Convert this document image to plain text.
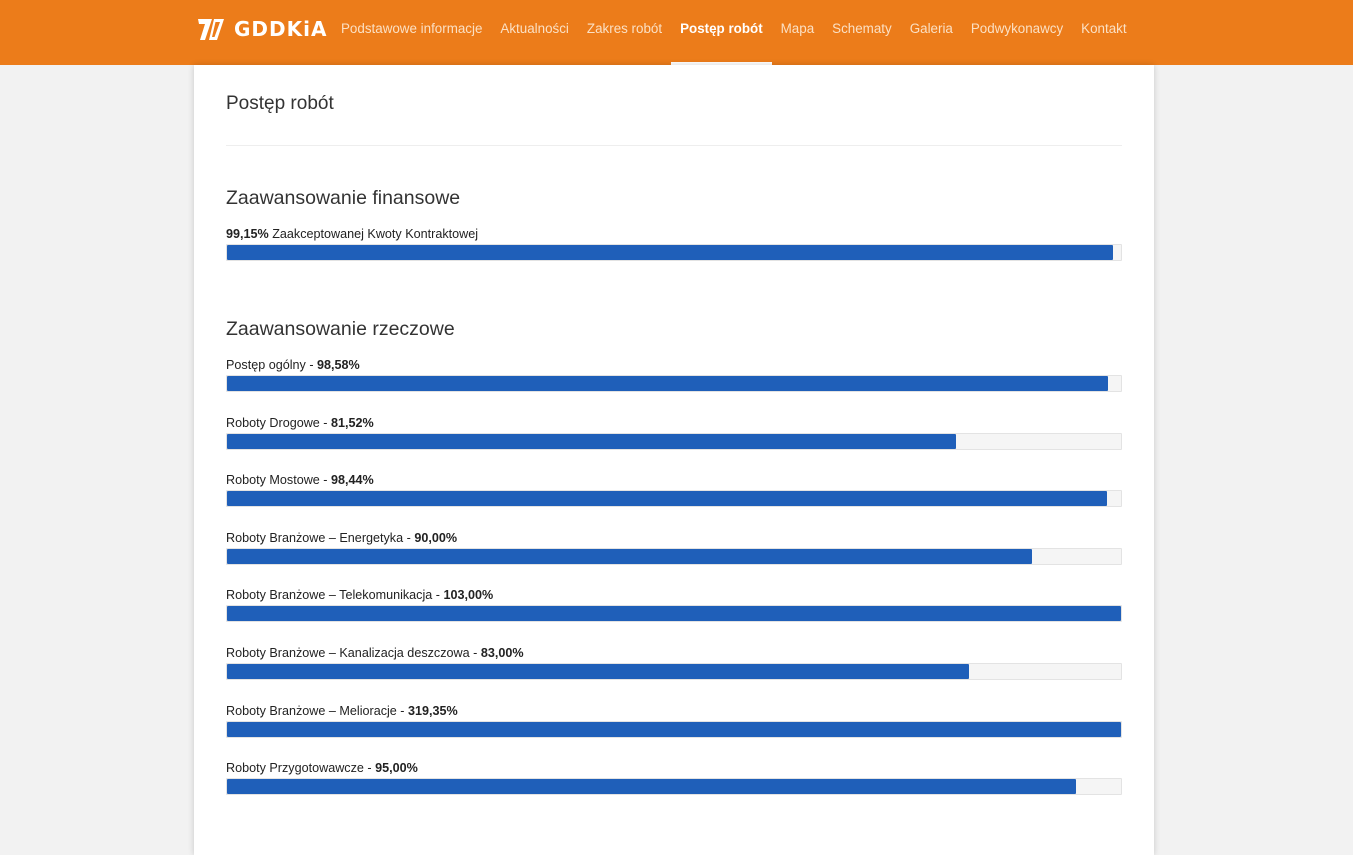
GDDKiA	Podstawowe informacje	Aktualności	Zakres robót	Postęp robót	Mapa	Schematy	Galeria	Podwykonawcy	Kontakt
Postęp robót
Zaawansowanie finansowe
99,15% Zaakceptowanej Kwoty Kontraktowej
Zaawansowanie rzeczowe
Postęp ogólny - 98,58%
Roboty Drogowe - 81,52%
Roboty Mostowe - 98,44%
Roboty Branżowe – Energetyka - 90,00%
Roboty Branżowe – Telekomunikacja - 103,00%
Roboty Branżowe – Kanalizacja deszczowa - 83,00%
Roboty Branżowe – Melioracje - 319,35%
Roboty Przygotowawcze - 95,00%
